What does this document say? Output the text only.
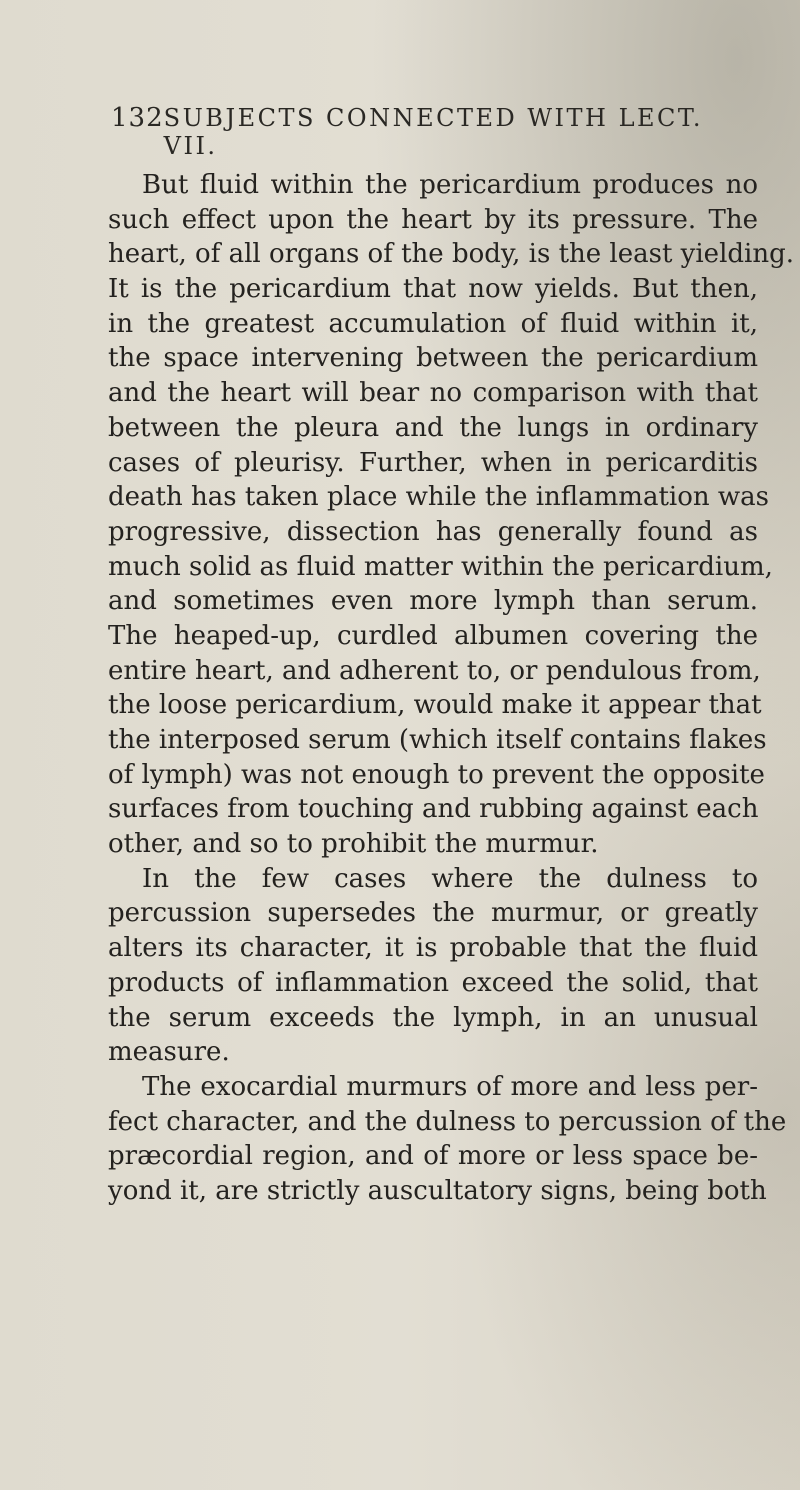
132 SUBJECTS CONNECTED WITH LECT. VII.
But fluid within the pericardium produces no
such effect upon the heart by its pressure. The
heart, of all organs of the body, is the least yielding.
It is the pericardium that now yields. But then,
in the greatest accumulation of fluid within it,
the space intervening between the pericardium
and the heart will bear no comparison with that
between the pleura and the lungs in ordinary
cases of pleurisy. Further, when in pericarditis
death has taken place while the inflammation was
progressive, dissection has generally found as
much solid as fluid matter within the pericardium,
and sometimes even more lymph than serum.
The heaped-up, curdled albumen covering the
entire heart, and adherent to, or pendulous from,
the loose pericardium, would make it appear that
the interposed serum (which itself contains flakes
of lymph) was not enough to prevent the opposite
surfaces from touching and rubbing against each
other, and so to prohibit the murmur.
In the few cases where the dulness to
percussion supersedes the murmur, or greatly
alters its character, it is probable that the fluid
products of inflammation exceed the solid, that
the serum exceeds the lymph, in an unusual
measure.
The exocardial murmurs of more and less per-
fect character, and the dulness to percussion of the
præcordial region, and of more or less space be-
yond it, are strictly auscultatory signs, being both
